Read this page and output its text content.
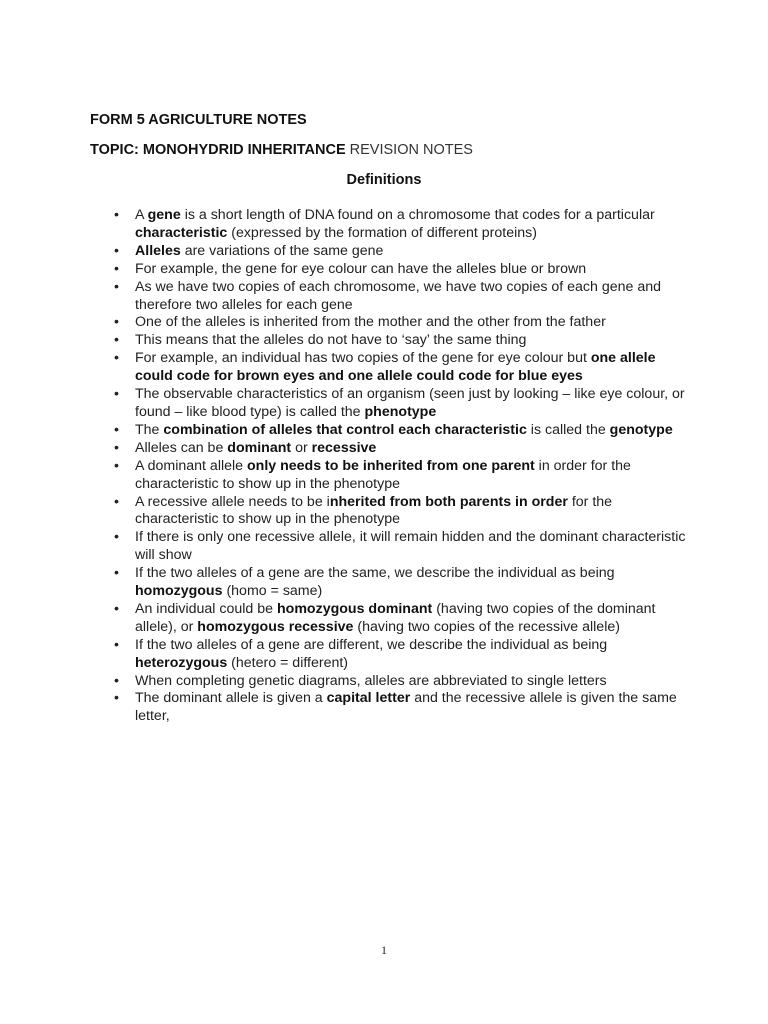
FORM 5 AGRICULTURE NOTES
TOPIC: MONOHYDRID INHERITANCE REVISION NOTES
Definitions
• A gene is a short length of DNA found on a chromosome that codes for a particular characteristic (expressed by the formation of different proteins)
• Alleles are variations of the same gene
• For example, the gene for eye colour can have the alleles blue or brown
• As we have two copies of each chromosome, we have two copies of each gene and therefore two alleles for each gene
• One of the alleles is inherited from the mother and the other from the father
• This means that the alleles do not have to ‘say’ the same thing
• For example, an individual has two copies of the gene for eye colour but one allele could code for brown eyes and one allele could code for blue eyes
• The observable characteristics of an organism (seen just by looking – like eye colour, or found – like blood type) is called the phenotype
• The combination of alleles that control each characteristic is called the genotype
• Alleles can be dominant or recessive
• A dominant allele only needs to be inherited from one parent in order for the characteristic to show up in the phenotype
• A recessive allele needs to be inherited from both parents in order for the characteristic to show up in the phenotype
• If there is only one recessive allele, it will remain hidden and the dominant characteristic will show
• If the two alleles of a gene are the same, we describe the individual as being homozygous (homo = same)
• An individual could be homozygous dominant (having two copies of the dominant allele), or homozygous recessive (having two copies of the recessive allele)
• If the two alleles of a gene are different, we describe the individual as being heterozygous (hetero = different)
• When completing genetic diagrams, alleles are abbreviated to single letters
• The dominant allele is given a capital letter and the recessive allele is given the same letter,
1
